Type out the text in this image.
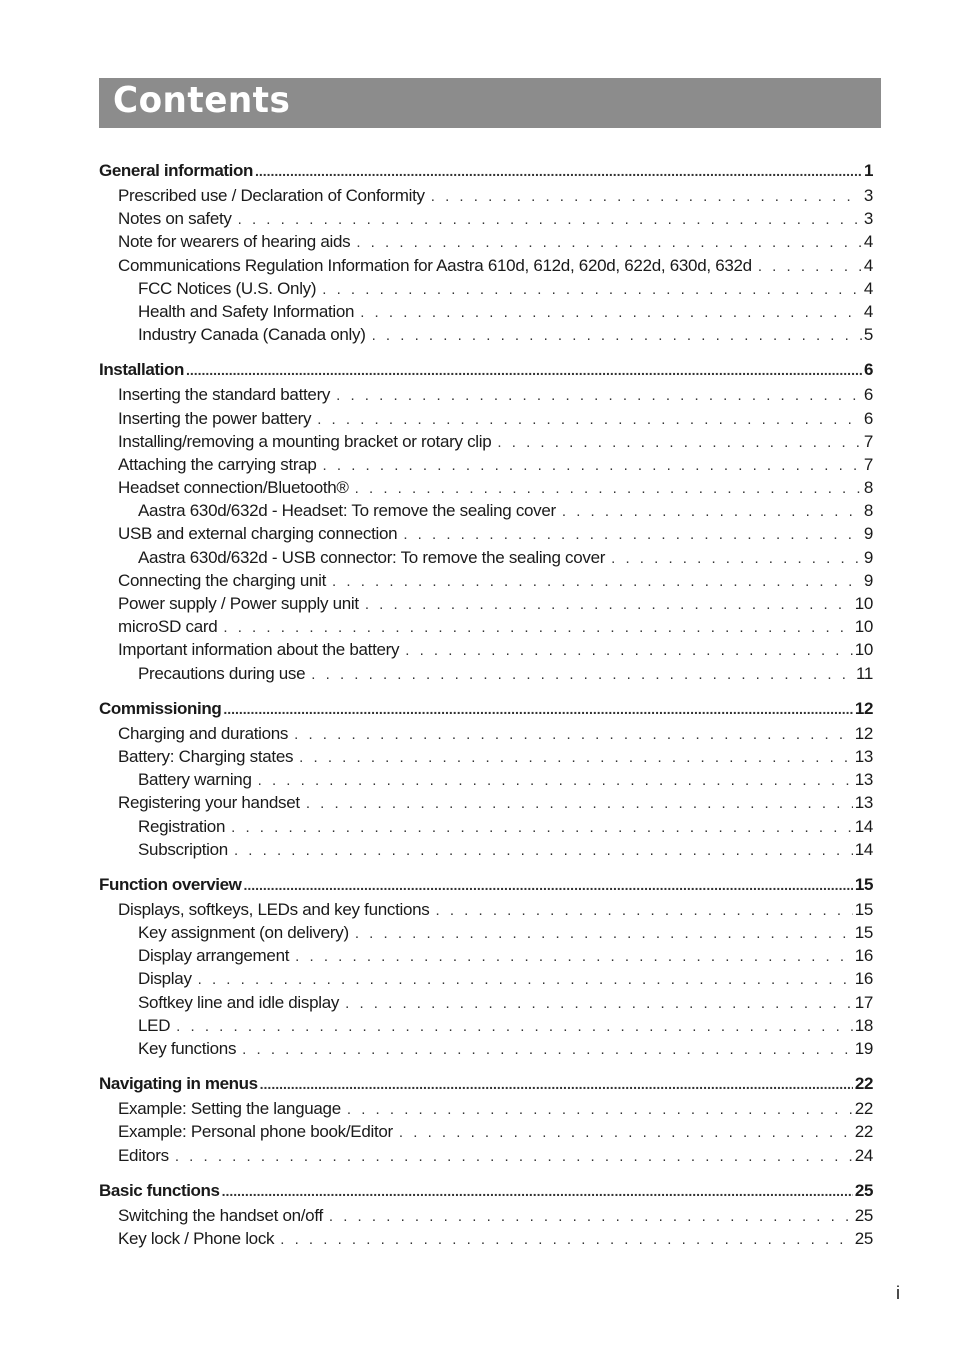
Contents
General information .....	1
Prescribed use / Declaration of Conformity . . .	3
Notes on safety . . .	3
Note for wearers of hearing aids . . .	4
Communications Regulation Information for Aastra 610d, 612d, 620d, 622d, 630d, 632d . . .	4
FCC Notices (U.S. Only) . . .	4
Health and Safety Information . . .	4
Industry Canada (Canada only) . . .	5
Installation .....	6
Inserting the standard battery . . .	6
Inserting the power battery . . .	6
Installing/removing a mounting bracket or rotary clip . . .	7
Attaching the carrying strap . . .	7
Headset connection/Bluetooth® . . .	8
Aastra 630d/632d - Headset: To remove the sealing cover . . .	8
USB and external charging connection . . .	9
Aastra 630d/632d - USB connector: To remove the sealing cover . . .	9
Connecting the charging unit . . .	9
Power supply / Power supply unit . . .	10
microSD card . . .	10
Important information about the battery . . .	10
Precautions during use . . .	11
Commissioning .....	12
Charging and durations . . .	12
Battery: Charging states . . .	13
Battery warning . . .	13
Registering your handset . . .	13
Registration . . .	14
Subscription . . .	14
Function overview .....	15
Displays, softkeys, LEDs and key functions . . .	15
Key assignment (on delivery) . . .	15
Display arrangement . . .	16
Display . . .	16
Softkey line and idle display . . .	17
LED . . .	18
Key functions . . .	19
Navigating in menus .....	22
Example: Setting the language . . .	22
Example: Personal phone book/Editor . . .	22
Editors . . .	24
Basic functions .....	25
Switching the handset on/off . . .	25
Key lock / Phone lock . . .	25
i
